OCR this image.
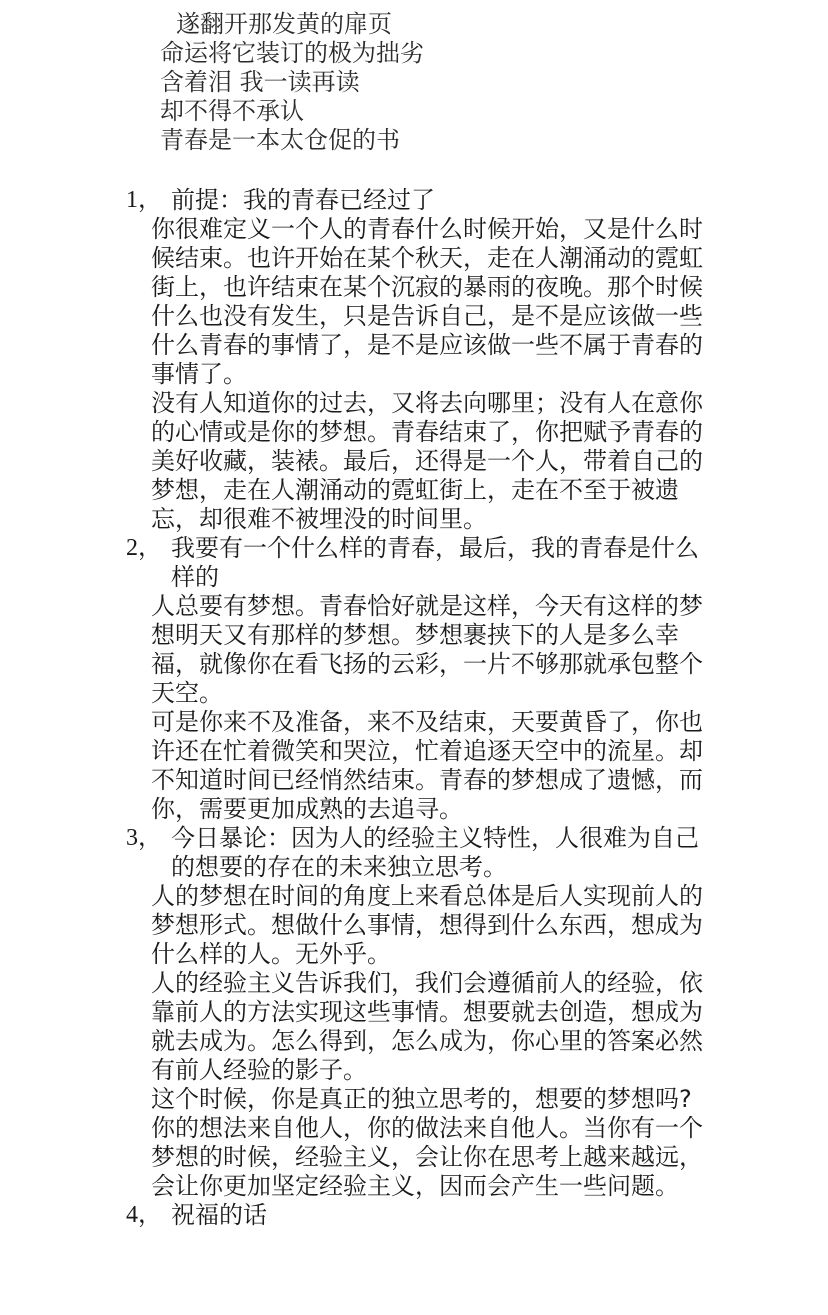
遂翻开那发黄的扉页
命运将它装订的极为拙劣
含着泪 我一读再读
却不得不承认
青春是一本太仓促的书
1， 前提：我的青春已经过了
你很难定义一个人的青春什么时候开始，又是什么时候结束。也许开始在某个秋天，走在人潮涌动的霓虹街上，也许结束在某个沉寂的暴雨的夜晚。那个时候什么也没有发生，只是告诉自己，是不是应该做一些什么青春的事情了，是不是应该做一些不属于青春的事情了。
没有人知道你的过去，又将去向哪里；没有人在意你的心情或是你的梦想。青春结束了，你把赋予青春的美好收藏，装裱。最后，还得是一个人，带着自己的梦想，走在人潮涌动的霓虹街上，走在不至于被遗忘，却很难不被埋没的时间里。
2， 我要有一个什么样的青春，最后，我的青春是什么样的
人总要有梦想。青春恰好就是这样，今天有这样的梦想明天又有那样的梦想。梦想裹挟下的人是多么幸福，就像你在看飞扬的云彩，一片不够那就承包整个天空。
可是你来不及准备，来不及结束，天要黄昏了，你也许还在忙着微笑和哭泣，忙着追逐天空中的流星。却不知道时间已经悄然结束。青春的梦想成了遗憾，而你，需要更加成熟的去追寻。
3， 今日暴论：因为人的经验主义特性，人很难为自己的想要的存在的未来独立思考。
人的梦想在时间的角度上来看总体是后人实现前人的梦想形式。想做什么事情，想得到什么东西，想成为什么样的人。无外乎。
人的经验主义告诉我们，我们会遵循前人的经验，依靠前人的方法实现这些事情。想要就去创造，想成为就去成为。怎么得到，怎么成为，你心里的答案必然有前人经验的影子。
这个时候，你是真正的独立思考的，想要的梦想吗?
你的想法来自他人，你的做法来自他人。当你有一个梦想的时候，经验主义，会让你在思考上越来越远，会让你更加坚定经验主义，因而会产生一些问题。
4， 祝福的话
